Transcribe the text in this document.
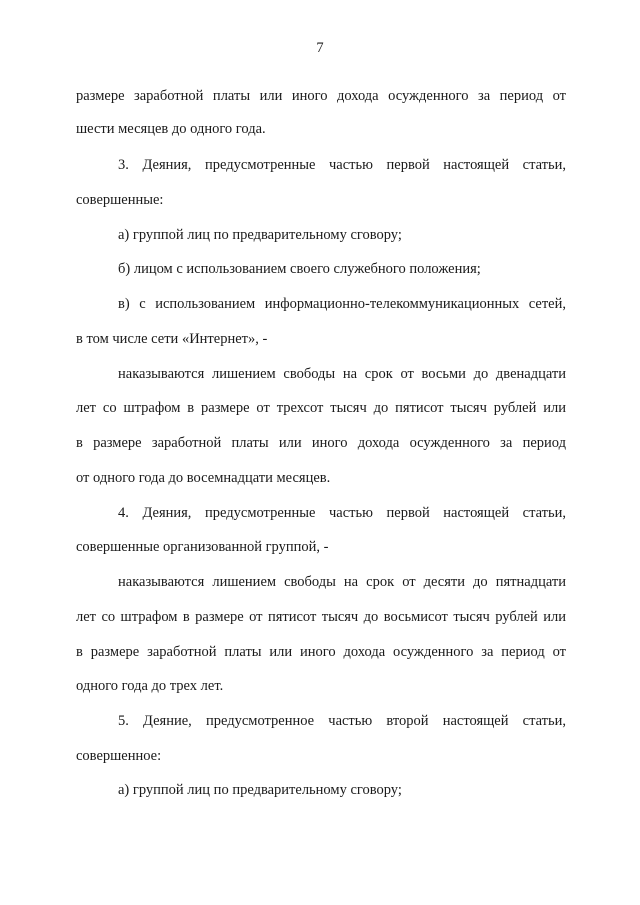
7
размере заработной платы или иного дохода осужденного за период от
шести месяцев до одного года.
3. Деяния, предусмотренные частью первой настоящей статьи,
совершенные:
а) группой лиц по предварительному сговору;
б) лицом с использованием своего служебного положения;
в) с использованием информационно-телекоммуникационных сетей,
в том числе сети «Интернет», -
наказываются лишением свободы на срок от восьми до двенадцати
лет со штрафом в размере от трехсот тысяч до пятисот тысяч рублей или
в размере заработной платы или иного дохода осужденного за период
от одного года до восемнадцати месяцев.
4. Деяния, предусмотренные частью первой настоящей статьи,
совершенные организованной группой, -
наказываются лишением свободы на срок от десяти до пятнадцати
лет со штрафом в размере от пятисот тысяч до восьмисот тысяч рублей или
в размере заработной платы или иного дохода осужденного за период от
одного года до трех лет.
5. Деяние, предусмотренное частью второй настоящей статьи,
совершенное:
а) группой лиц по предварительному сговору;
